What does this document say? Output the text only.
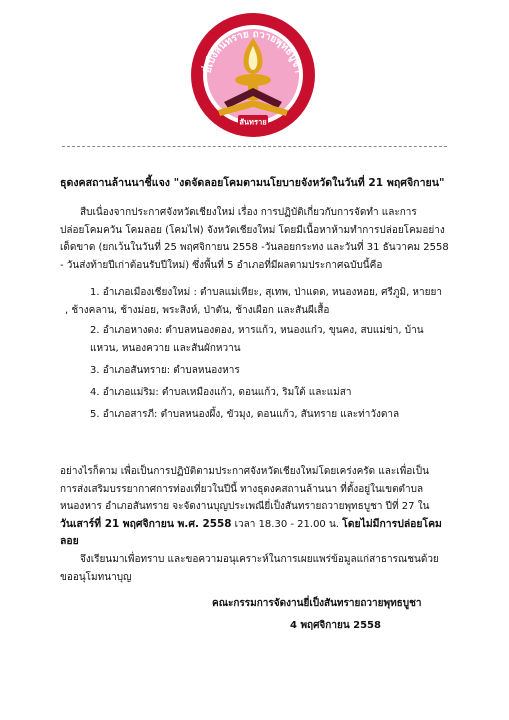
ยี่เป็งสันทราย ถวายพุทธบูชา
สันทราย
ธุดงคสถานล้านนาชี้แจง "งดจัดลอยโคมตามนโยบายจังหวัดในวันที่ 21 พฤศจิกายน"
สืบเนื่องจากประกาศจังหวัดเชียงใหม่ เรื่อง การปฏิบัติเกี่ยวกับการจัดทำ และการ
ปล่อยโคมควัน โคมลอย (โคมไฟ) จังหวัดเชียงใหม่ โดยมีเนื้อหาห้ามทำการปล่อยโคมอย่าง
เด็ดขาด (ยกเว้นในวันที่ 25 พฤศจิกายน 2558 -วันลอยกระทง และวันที่ 31 ธันวาคม 2558
- วันส่งท้ายปีเก่าต้อนรับปีใหม่) ซึ่งพื้นที่ 5 อำเภอที่มีผลตามประกาศฉบับนี้คือ
1. อำเภอเมืองเชียงใหม่ : ตำบลแม่เหียะ, สุเทพ, ป่าแดด, หนองหอย, ศรีภูมิ, หายยา
, ช้างคลาน, ช้างม่อย, พระสิงห์, ป่าตัน, ช้างเผือก และสันผีเสื้อ
2. อำเภอหางดง: ตำบลหนองตอง, หารแก้ว, หนองแก๋ว, ขุนคง, สบแม่ข่า, บ้าน
แหวน, หนองควาย และสันผักหวาน
3. อำเภอสันทราย: ตำบลหนองหาร
4. อำเภอแม่ริม: ตำบลเหมืองแก้ว, ดอนแก้ว, ริมใต้ และแม่สา
5. อำเภอสารภี: ตำบลหนองผึ้ง, ขัวมุง, ดอนแก้ว, สันทราย และท่าวังตาล
อย่างไรก็ตาม เพื่อเป็นการปฏิบัติตามประกาศจังหวัดเชียงใหม่โดยเคร่งครัด และเพื่อเป็น
การส่งเสริมบรรยากาศการท่องเที่ยวในปีนี้ ทางธุดงคสถานล้านนา ที่ตั้งอยู่ในเขตตำบล
หนองหาร อำเภอสันทราย จะจัดงานบุญประเพณียี่เป็งสันทรายถวายพุทธบูชา ปีที่ 27 ใน
วันเสาร์ที่ 21 พฤศจิกายน พ.ศ. 2558 เวลา 18.30 - 21.00 น. โดยไม่มีการปล่อยโคม
ลอย
จึงเรียนมาเพื่อทราบ และขอความอนุเคราะห์ในการเผยแพร่ข้อมูลแก่สาธารณชนด้วย
ขออนุโมทนาบุญ
คณะกรรมการจัดงานยี่เป็งสันทรายถวายพุทธบูชา
4 พฤศจิกายน 2558
